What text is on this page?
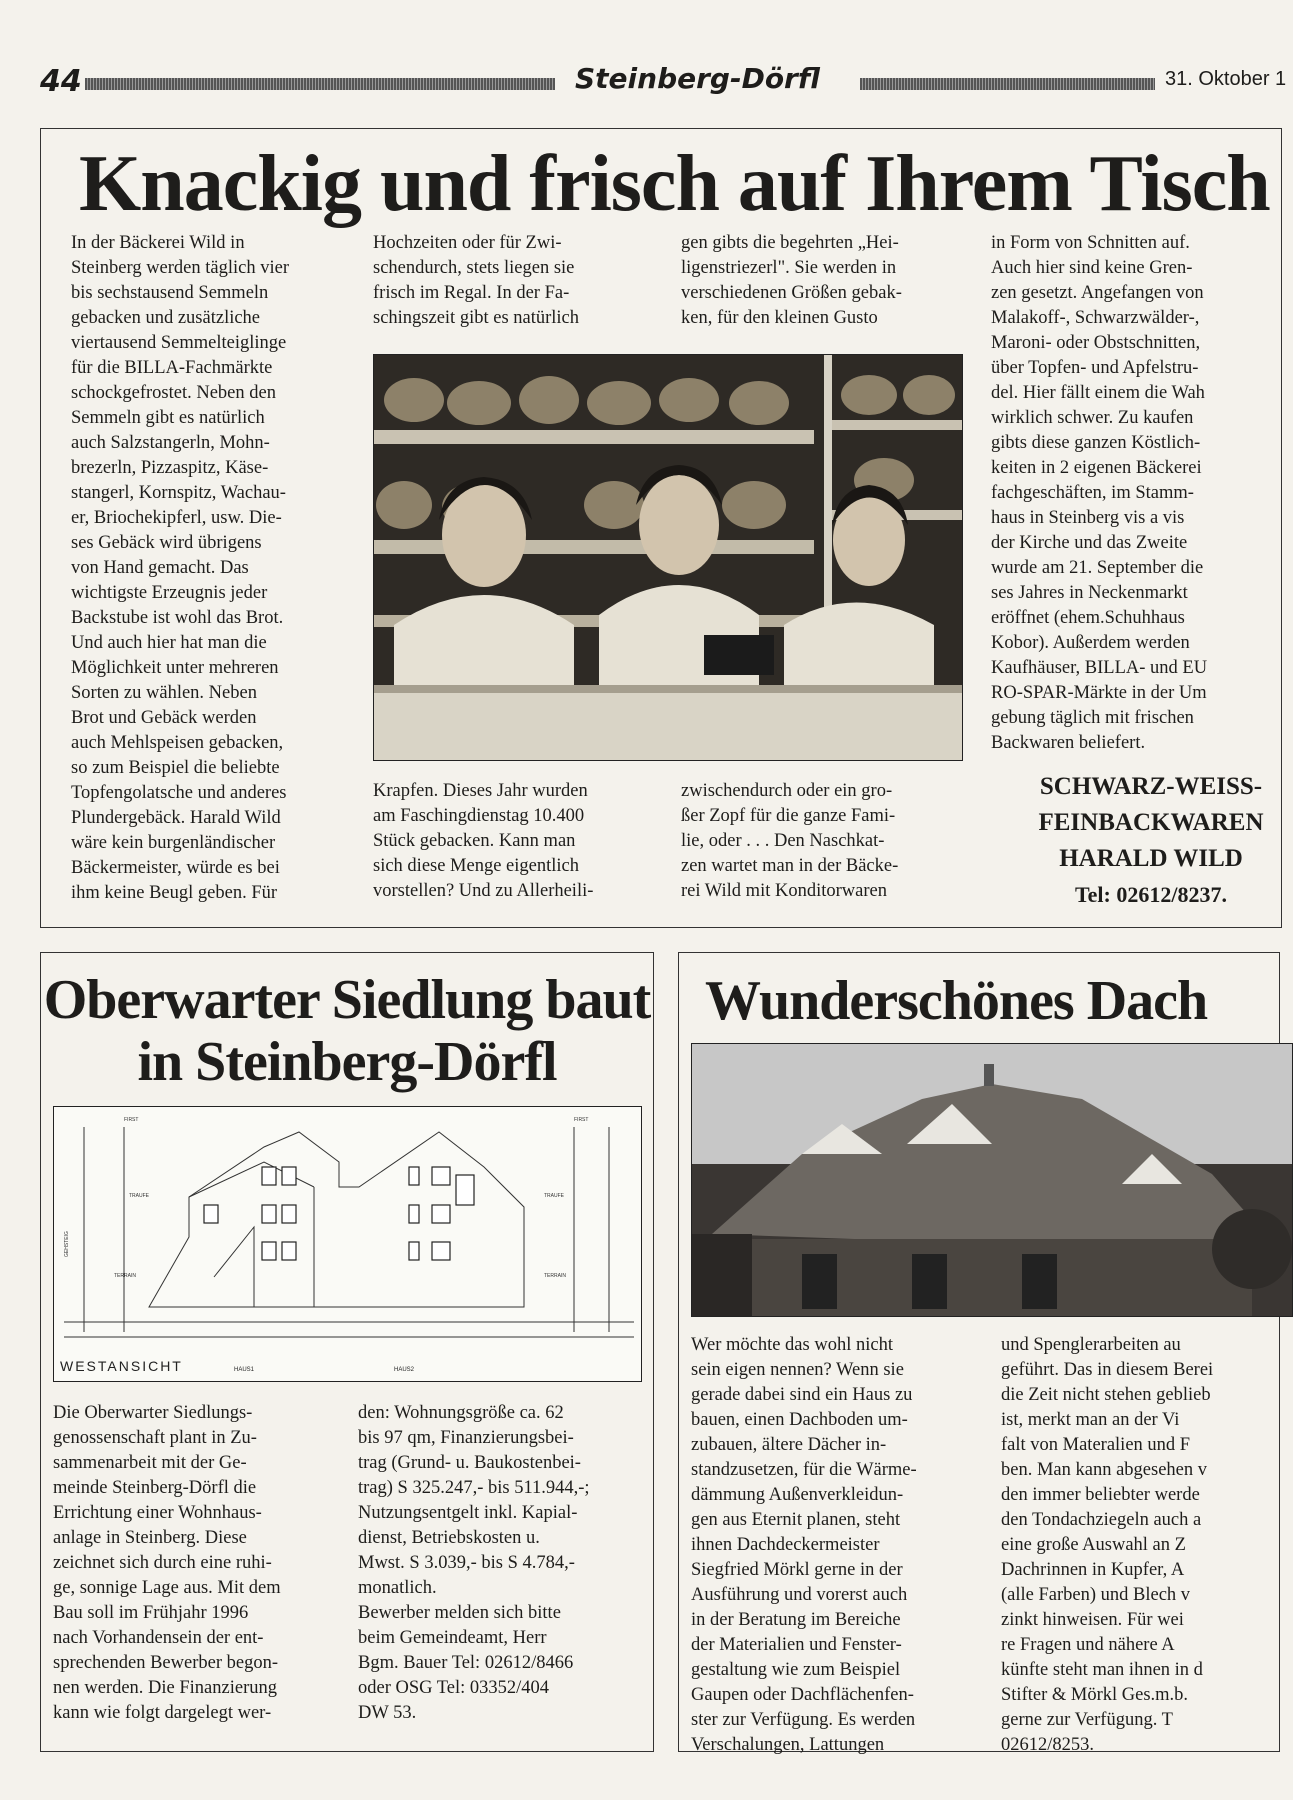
44	Steinberg-Dörfl	31. Oktober 1
Knackig und frisch auf Ihrem Tisch
In der Bäckerei Wild in
Steinberg werden täglich vier
bis sechstausend Semmeln
gebacken und zusätzliche
viertausend Semmelteiglinge
für die BILLA-Fachmärkte
schockgefrostet. Neben den
Semmeln gibt es natürlich
auch Salzstangerln, Mohn-
brezerln, Pizzaspitz, Käse-
stangerl, Kornspitz, Wachau-
er, Briochekipferl, usw. Die-
ses Gebäck wird übrigens
von Hand gemacht. Das
wichtigste Erzeugnis jeder
Backstube ist wohl das Brot.
Und auch hier hat man die
Möglichkeit unter mehreren
Sorten zu wählen. Neben
Brot und Gebäck werden
auch Mehlspeisen gebacken,
so zum Beispiel die beliebte
Topfengolatsche und anderes
Plundergebäck. Harald Wild
wäre kein burgenländischer
Bäckermeister, würde es bei
ihm keine Beugl geben. Für
Hochzeiten oder für Zwi-
schendurch, stets liegen sie
frisch im Regal. In der Fa-
schingszeit gibt es natürlich
gen gibts die begehrten „Hei-
ligenstriezerl". Sie werden in
verschiedenen Größen gebak-
ken, für den kleinen Gusto
Krapfen. Dieses Jahr wurden
am Faschingdienstag 10.400
Stück gebacken. Kann man
sich diese Menge eigentlich
vorstellen? Und zu Allerheili-
zwischendurch oder ein gro-
ßer Zopf für die ganze Fami-
lie, oder . . . Den Naschkat-
zen wartet man in der Bäcke-
rei Wild mit Konditorwaren
in Form von Schnitten auf.
Auch hier sind keine Gren-
zen gesetzt. Angefangen von
Malakoff-, Schwarzwälder-,
Maroni- oder Obstschnitten,
über Topfen- und Apfelstru-
del. Hier fällt einem die Wah
wirklich schwer. Zu kaufen
gibts diese ganzen Köstlich-
keiten in 2 eigenen Bäckerei
fachgeschäften, im Stamm-
haus in Steinberg vis a vis
der Kirche und das Zweite
wurde am 21. September die
ses Jahres in Neckenmarkt
eröffnet (ehem.Schuhhaus
Kobor). Außerdem werden
Kaufhäuser, BILLA- und EU
RO-SPAR-Märkte in der Um
gebung täglich mit frischen
Backwaren beliefert.
SCHWARZ-WEISS-
FEINBACKWAREN
HARALD WILD
Tel: 02612/8237.
Oberwarter Siedlung baut in Steinberg-Dörfl
FIRST	FIRST
TRAUFE	TRAUFE
TERRAIN	TERRAIN
GEHSTEIG
WESTANSICHT	HAUS1	HAUS2
Die Oberwarter Siedlungs-
genossenschaft plant in Zu-
sammenarbeit mit der Ge-
meinde Steinberg-Dörfl die
Errichtung einer Wohnhaus-
anlage in Steinberg. Diese
zeichnet sich durch eine ruhi-
ge, sonnige Lage aus. Mit dem
Bau soll im Frühjahr 1996
nach Vorhandensein der ent-
sprechenden Bewerber begon-
nen werden. Die Finanzierung
kann wie folgt dargelegt wer-
den: Wohnungsgröße ca. 62
bis 97 qm, Finanzierungsbei-
trag (Grund- u. Baukostenbei-
trag) S 325.247,- bis 511.944,-;
Nutzungsentgelt inkl. Kapial-
dienst, Betriebskosten u.
Mwst. S 3.039,- bis S 4.784,-
monatlich.
Bewerber melden sich bitte
beim Gemeindeamt, Herr
Bgm. Bauer Tel: 02612/8466
oder OSG Tel: 03352/404
DW 53.
Wunderschönes Dach
Wer möchte das wohl nicht
sein eigen nennen? Wenn sie
gerade dabei sind ein Haus zu
bauen, einen Dachboden um-
zubauen, ältere Dächer in-
standzusetzen, für die Wärme-
dämmung Außenverkleidun-
gen aus Eternit planen, steht
ihnen Dachdeckermeister
Siegfried Mörkl gerne in der
Ausführung und vorerst auch
in der Beratung im Bereiche
der Materialien und Fenster-
gestaltung wie zum Beispiel
Gaupen oder Dachflächenfen-
ster zur Verfügung. Es werden
Verschalungen, Lattungen
und Spenglerarbeiten au
geführt. Das in diesem Berei
die Zeit nicht stehen geblieb
ist, merkt man an der Vi
falt von Materalien und F
ben. Man kann abgesehen v
den immer beliebter werde
den Tondachziegeln auch a
eine große Auswahl an Z
Dachrinnen in Kupfer, A
(alle Farben) und Blech v
zinkt hinweisen. Für wei
re Fragen und nähere A
künfte steht man ihnen in d
Stifter & Mörkl Ges.m.b.
gerne zur Verfügung. T
02612/8253.
